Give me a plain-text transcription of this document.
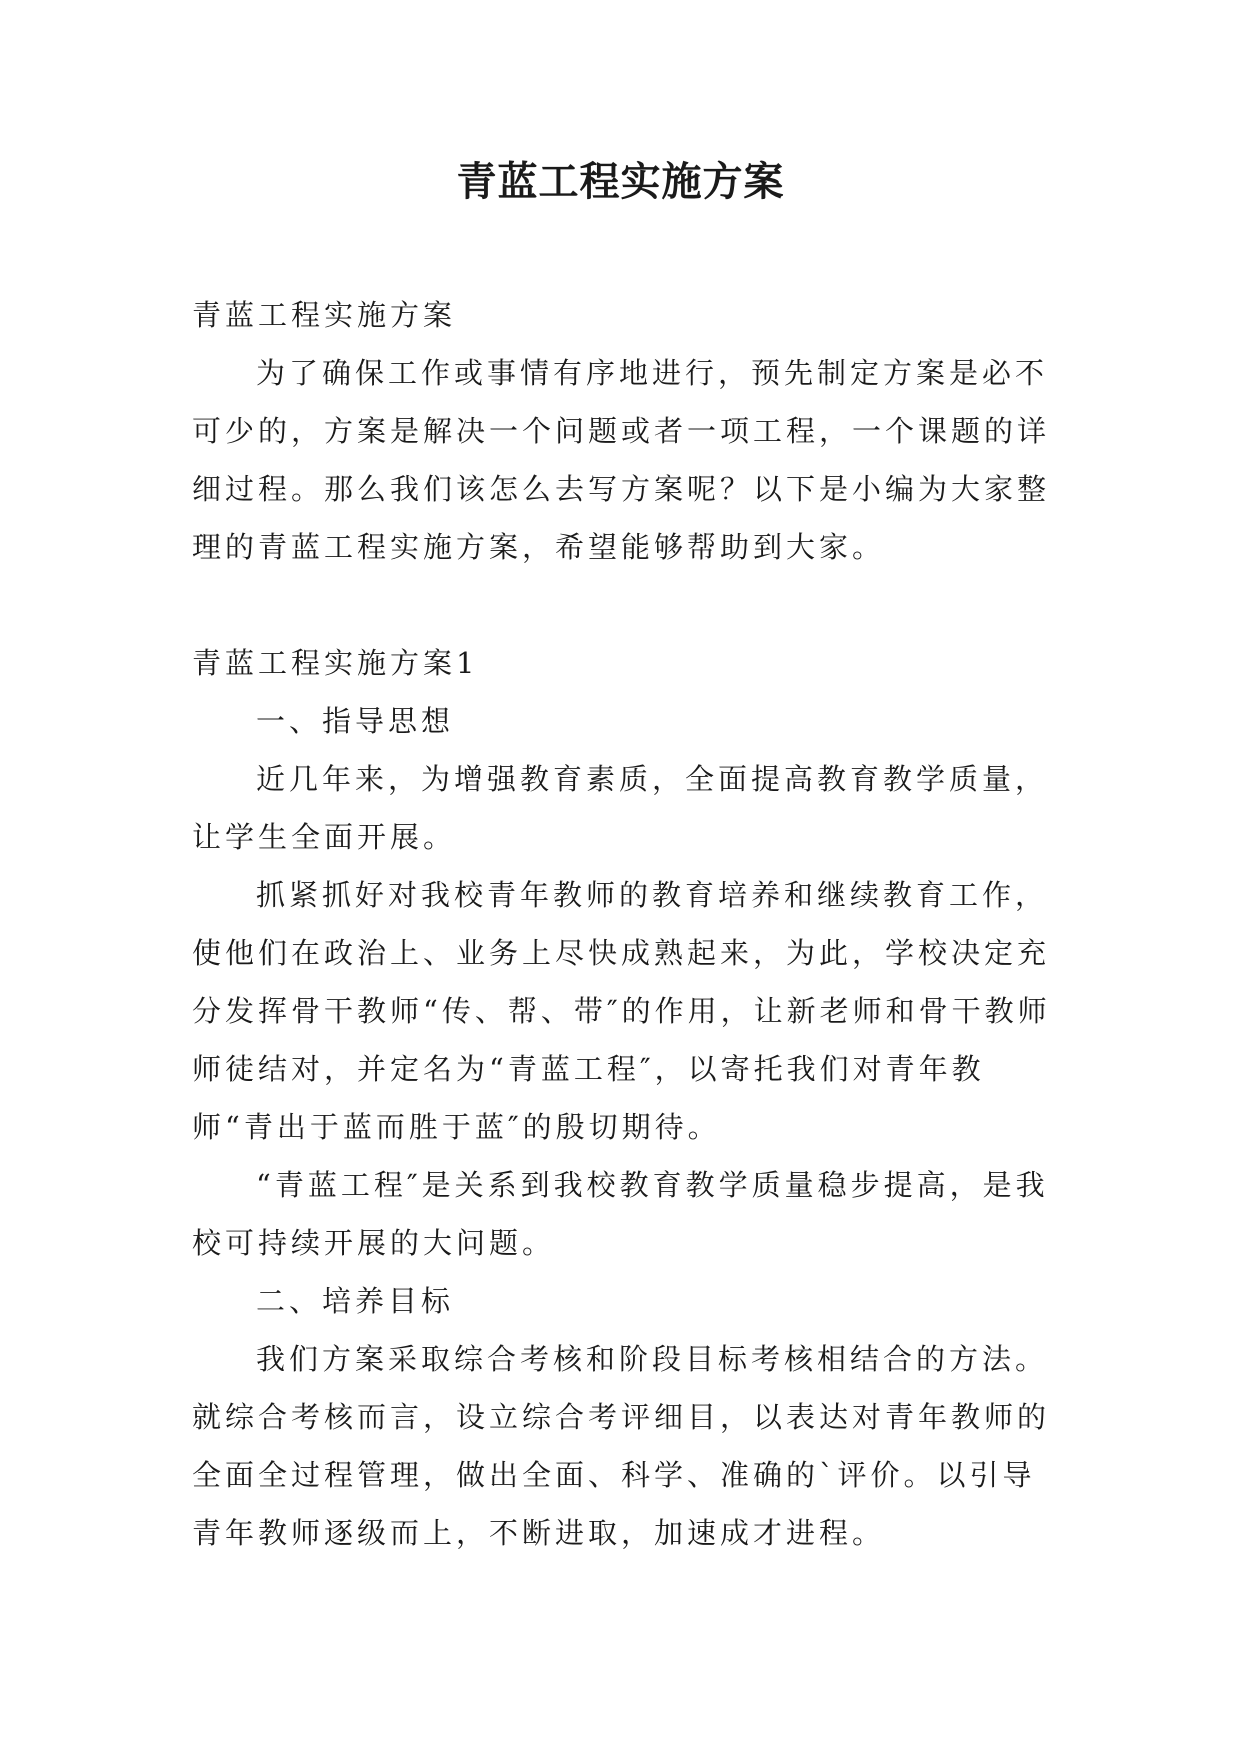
青蓝工程实施方案

青蓝工程实施方案

为了确保工作或事情有序地进行，预先制定方案是必不可少的，方案是解决一个问题或者一项工程，一个课题的详细过程。那么我们该怎么去写方案呢？以下是小编为大家整理的青蓝工程实施方案，希望能够帮助到大家。

青蓝工程实施方案1

一、指导思想

近几年来，为增强教育素质，全面提高教育教学质量，让学生全面开展。

抓紧抓好对我校青年教师的教育培养和继续教育工作，使他们在政治上、业务上尽快成熟起来，为此，学校决定充分发挥骨干教师“传、帮、带″的作用，让新老师和骨干教师师徒结对，并定名为“青蓝工程″，以寄托我们对青年教师“青出于蓝而胜于蓝″的殷切期待。

“青蓝工程″是关系到我校教育教学质量稳步提高，是我校可持续开展的大问题。

二、培养目标

我们方案采取综合考核和阶段目标考核相结合的方法。就综合考核而言，设立综合考评细目，以表达对青年教师的全面全过程管理，做出全面、科学、准确的`评价。以引导青年教师逐级而上，不断进取，加速成才进程。
